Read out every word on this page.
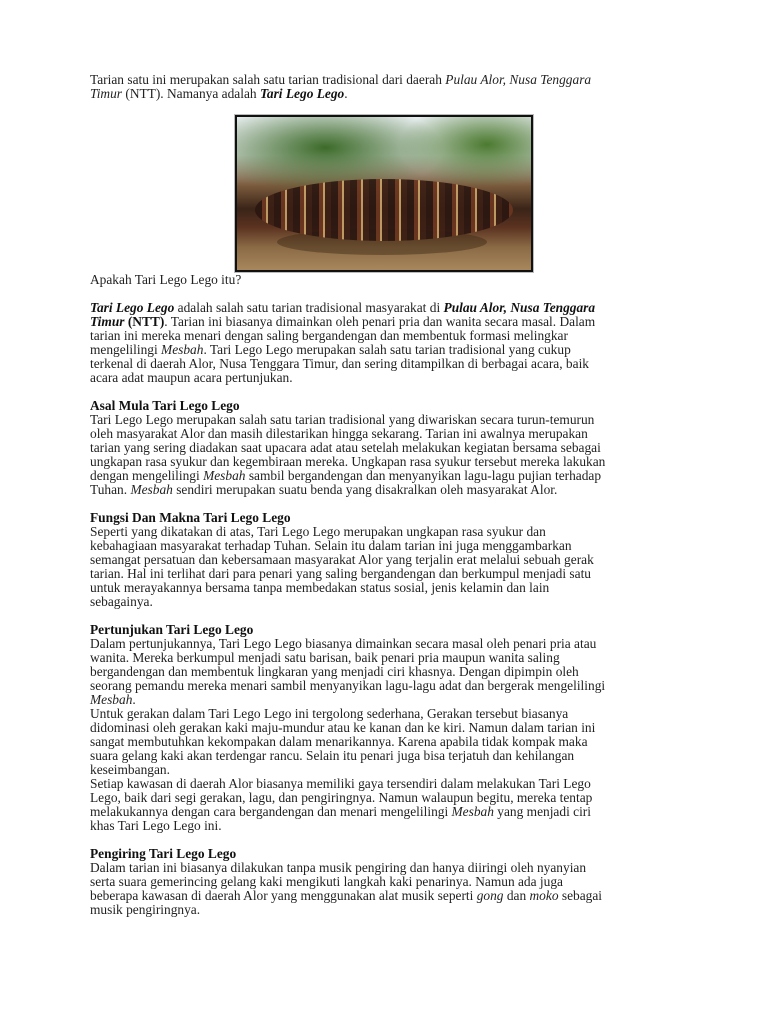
Tarian satu ini merupakan salah satu tarian tradisional dari daerah Pulau Alor, Nusa Tenggara
Timur (NTT). Namanya adalah Tari Lego Lego.
Apakah Tari Lego Lego itu?
Tari Lego Lego adalah salah satu tarian tradisional masyarakat di Pulau Alor, Nusa Tenggara
Timur (NTT). Tarian ini biasanya dimainkan oleh penari pria dan wanita secara masal. Dalam
tarian ini mereka menari dengan saling bergandengan dan membentuk formasi melingkar
mengelilingi Mesbah. Tari Lego Lego merupakan salah satu tarian tradisional yang cukup
terkenal di daerah Alor, Nusa Tenggara Timur, dan sering ditampilkan di berbagai acara, baik
acara adat maupun acara pertunjukan.
Asal Mula Tari Lego Lego
Tari Lego Lego merupakan salah satu tarian tradisional yang diwariskan secara turun-temurun
oleh masyarakat Alor dan masih dilestarikan hingga sekarang. Tarian ini awalnya merupakan
tarian yang sering diadakan saat upacara adat atau setelah melakukan kegiatan bersama sebagai
ungkapan rasa syukur dan kegembiraan mereka. Ungkapan rasa syukur tersebut mereka lakukan
dengan mengelilingi Mesbah sambil bergandengan dan menyanyikan lagu-lagu pujian terhadap
Tuhan. Mesbah sendiri merupakan suatu benda yang disakralkan oleh masyarakat Alor.
Fungsi Dan Makna Tari Lego Lego
Seperti yang dikatakan di atas, Tari Lego Lego merupakan ungkapan rasa syukur dan
kebahagiaan masyarakat terhadap Tuhan. Selain itu dalam tarian ini juga menggambarkan
semangat persatuan dan kebersamaan masyarakat Alor yang terjalin erat melalui sebuah gerak
tarian. Hal ini terlihat dari para penari yang saling bergandengan dan berkumpul menjadi satu
untuk merayakannya bersama tanpa membedakan status sosial, jenis kelamin dan lain
sebagainya.
Pertunjukan Tari Lego Lego
Dalam pertunjukannya, Tari Lego Lego biasanya dimainkan secara masal oleh penari pria atau
wanita. Mereka berkumpul menjadi satu barisan, baik penari pria maupun wanita saling
bergandengan dan membentuk lingkaran yang menjadi ciri khasnya. Dengan dipimpin oleh
seorang pemandu mereka menari sambil menyanyikan lagu-lagu adat dan bergerak mengelilingi
Mesbah.
Untuk gerakan dalam Tari Lego Lego ini tergolong sederhana, Gerakan tersebut biasanya
didominasi oleh gerakan kaki maju-mundur atau ke kanan dan ke kiri. Namun dalam tarian ini
sangat membutuhkan kekompakan dalam menarikannya. Karena apabila tidak kompak maka
suara gelang kaki akan terdengar rancu. Selain itu penari juga bisa terjatuh dan kehilangan
keseimbangan.
Setiap kawasan di daerah Alor biasanya memiliki gaya tersendiri dalam melakukan Tari Lego
Lego, baik dari segi gerakan, lagu, dan pengiringnya. Namun walaupun begitu, mereka tentap
melakukannya dengan cara bergandengan dan menari mengelilingi Mesbah yang menjadi ciri
khas Tari Lego Lego ini.
Pengiring Tari Lego Lego
Dalam tarian ini biasanya dilakukan tanpa musik pengiring dan hanya diiringi oleh nyanyian
serta suara gemerincing gelang kaki mengikuti langkah kaki penarinya. Namun ada juga
beberapa kawasan di daerah Alor yang menggunakan alat musik seperti gong dan moko sebagai
musik pengiringnya.
